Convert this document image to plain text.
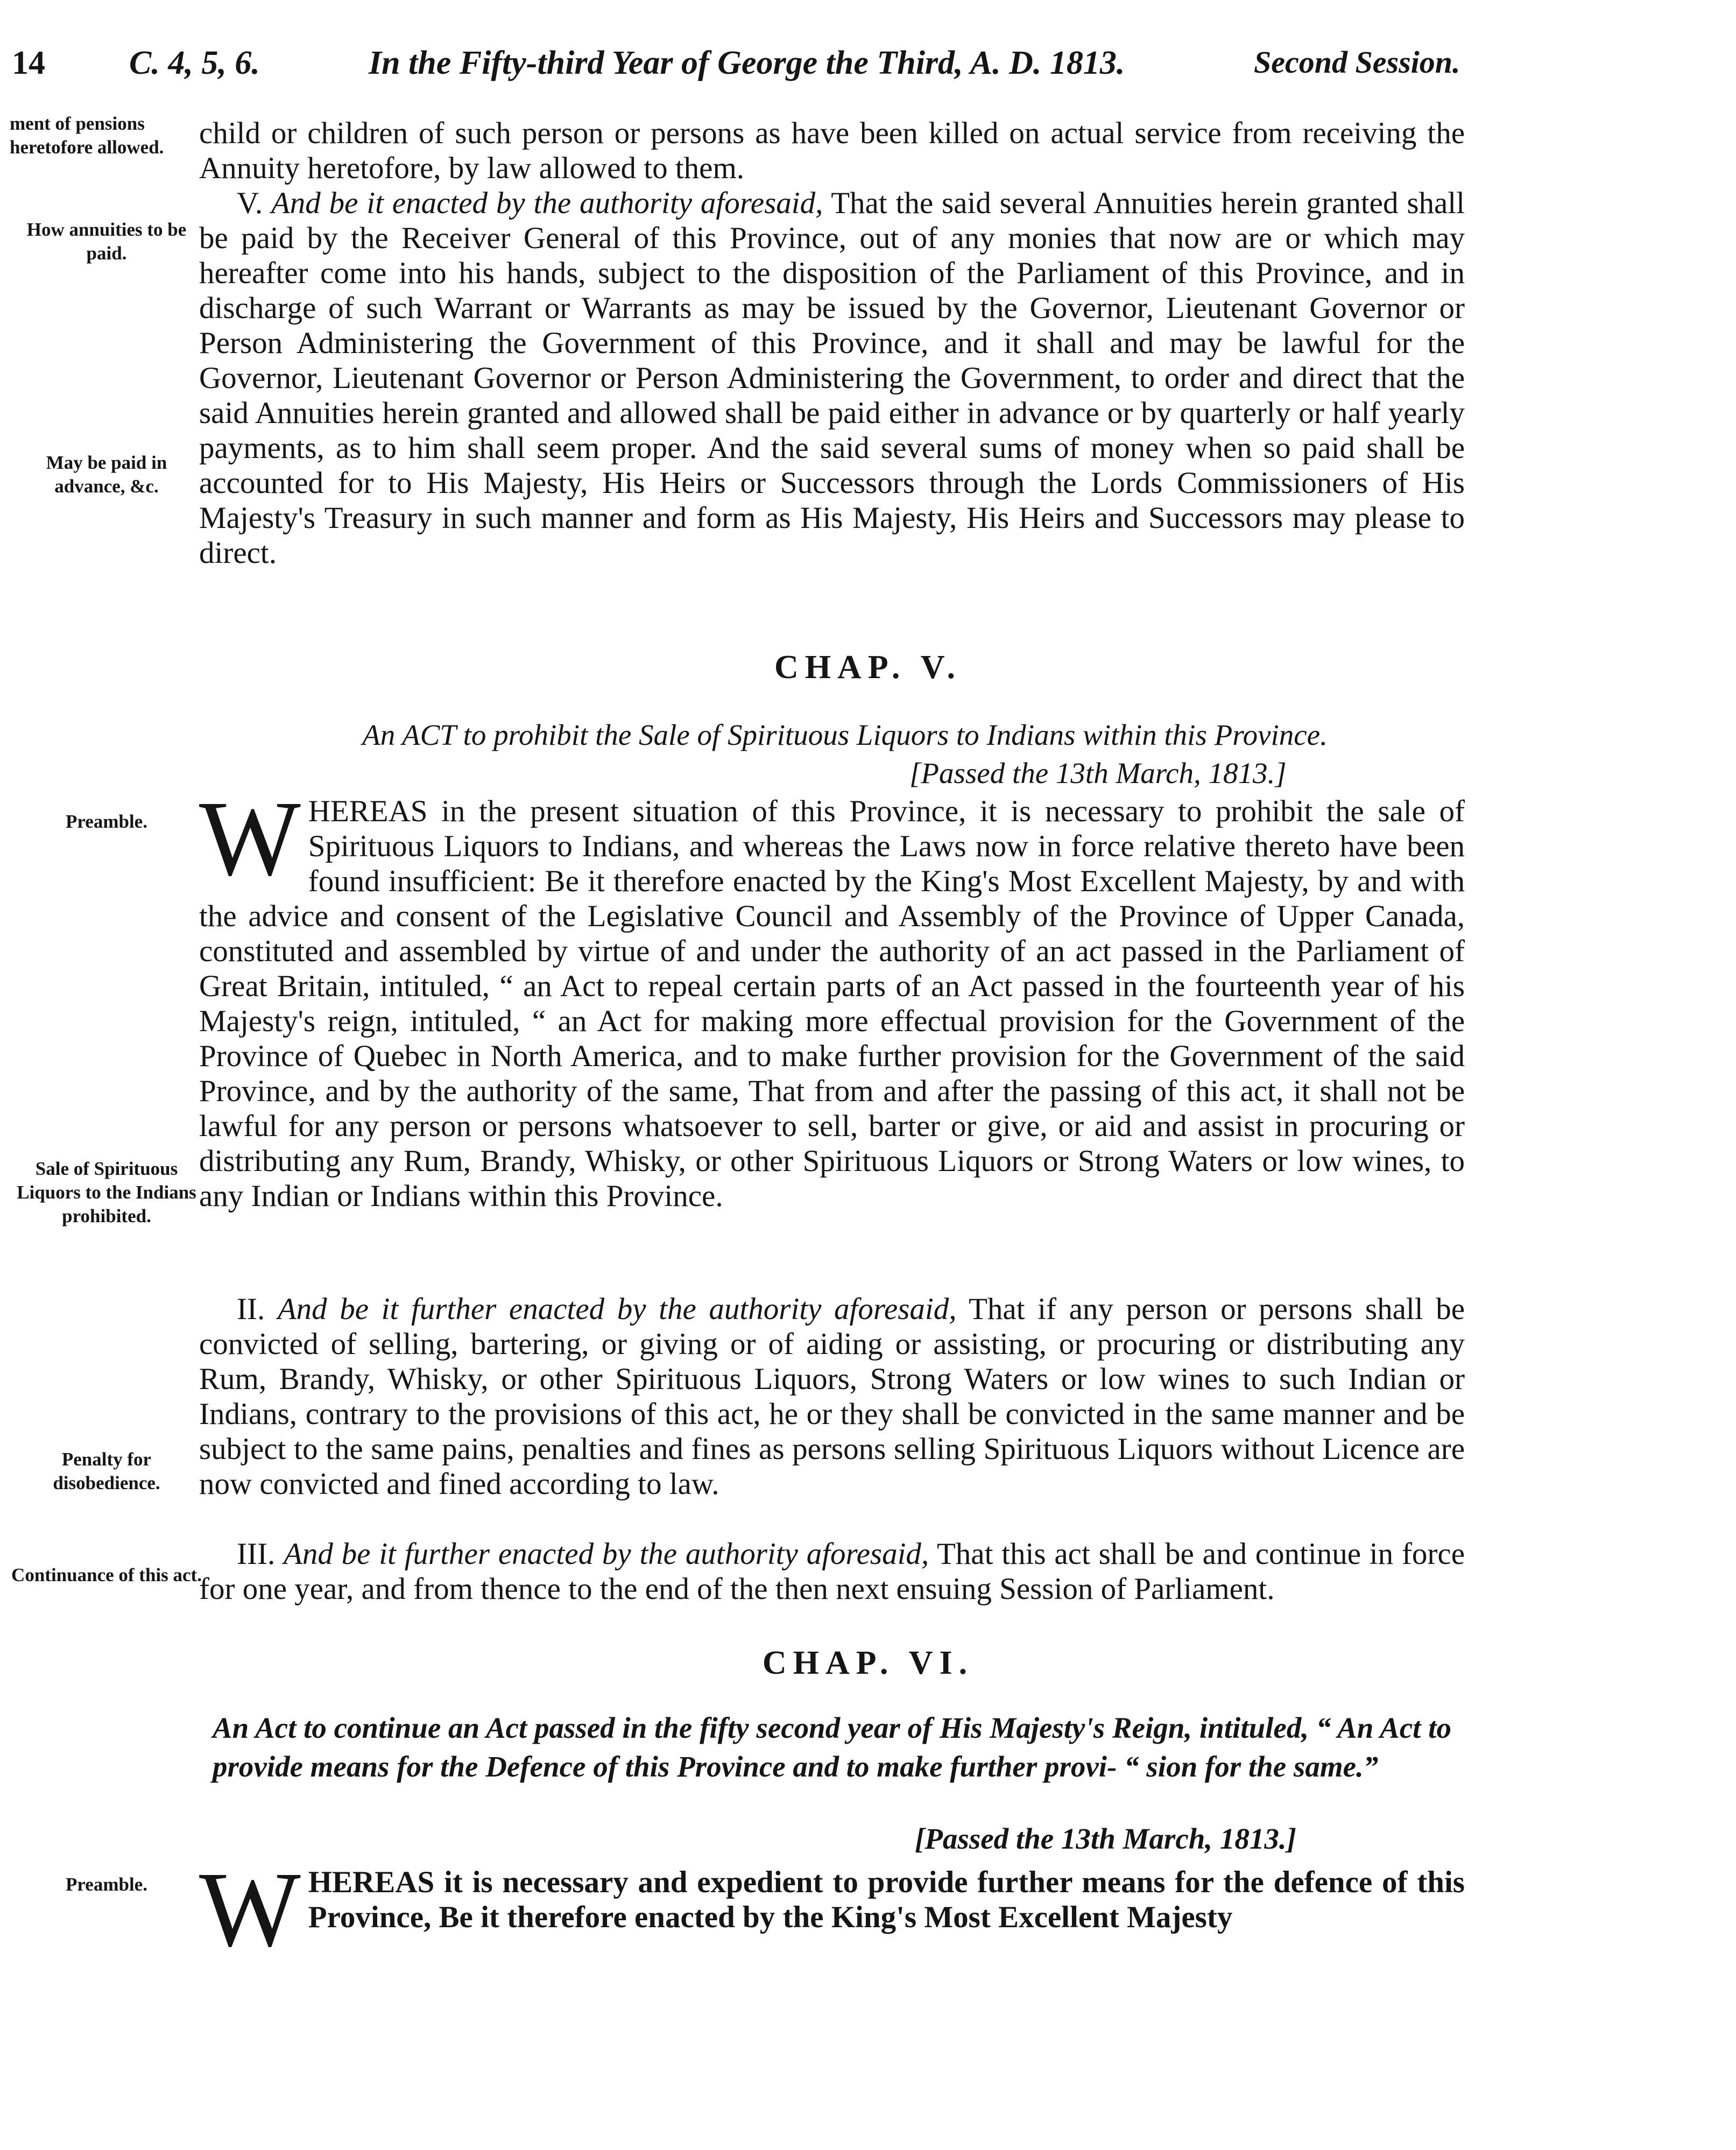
14	C. 4, 5, 6.	In the Fifty-third Year of George the Third, A. D. 1813.	Second Session.
ment of pensions heretofore allowed.
How annuities to be paid.
May be paid in advance, &c.
Preamble.
Sale of Spirituous Liquors to the Indians prohibited.
Penalty for disobedience.
Continuance of this act.
Preamble.
child or children of such person or persons as have been killed on actual service from receiving the Annuity heretofore, by law allowed to them.
V. And be it enacted by the authority aforesaid, That the said several Annuities herein granted shall be paid by the Receiver General of this Province, out of any monies that now are or which may hereafter come into his hands, subject to the disposition of the Parliament of this Province, and in discharge of such Warrant or Warrants as may be issued by the Governor, Lieutenant Governor or Person Administering the Government of this Province, and it shall and may be lawful for the Governor, Lieutenant Governor or Person Administering the Government, to order and direct that the said Annuities herein granted and allowed shall be paid either in advance or by quarterly or half yearly payments, as to him shall seem proper. And the said several sums of money when so paid shall be accounted for to His Majesty, His Heirs or Successors through the Lords Commissioners of His Majesty's Treasury in such manner and form as His Majesty, His Heirs and Successors may please to direct.
CHAP. V.
An ACT to prohibit the Sale of Spirituous Liquors to Indians within this Province.
[Passed the 13th March, 1813.]
W HEREAS in the present situation of this Province, it is necessary to prohibit the sale of Spirituous Liquors to Indians, and whereas the Laws now in force relative thereto have been found insufficient: Be it therefore enacted by the King's Most Excellent Majesty, by and with the advice and consent of the Legislative Council and Assembly of the Province of Upper Canada, constituted and assembled by virtue of and under the authority of an act passed in the Parliament of Great Britain, intituled, “ an Act to repeal certain parts of an Act passed in the fourteenth year of his Majesty's reign, intituled, “ an Act for making more effectual provision for the Government of the Province of Quebec in North America, and to make further provision for the Government of the said Province, and by the authority of the same, That from and after the passing of this act, it shall not be lawful for any person or persons whatsoever to sell, barter or give, or aid and assist in procuring or distributing any Rum, Brandy, Whisky, or other Spirituous Liquors or Strong Waters or low wines, to any Indian or Indians within this Province.

II. And be it further enacted by the authority aforesaid, That if any person or persons shall be convicted of selling, bartering, or giving or of aiding or assisting, or procuring or distributing any Rum, Brandy, Whisky, or other Spirituous Liquors, Strong Waters or low wines to such Indian or Indians, contrary to the provisions of this act, he or they shall be convicted in the same manner and be subject to the same pains, penalties and fines as persons selling Spirituous Liquors without Licence are now convicted and fined according to law.
III. And be it further enacted by the authority aforesaid, That this act shall be and continue in force for one year, and from thence to the end of the then next ensuing Session of Parliament.
CHAP. VI.
An Act to continue an Act passed in the fifty second year of His Majesty's Reign, intituled, “ An Act to provide means for the Defence of this Province and to make further provi- “ sion for the same.”
[Passed the 13th March, 1813.]
W HEREAS it is necessary and expedient to provide further means for the defence of this Province, Be it therefore enacted by the King's Most Excellent Majesty
